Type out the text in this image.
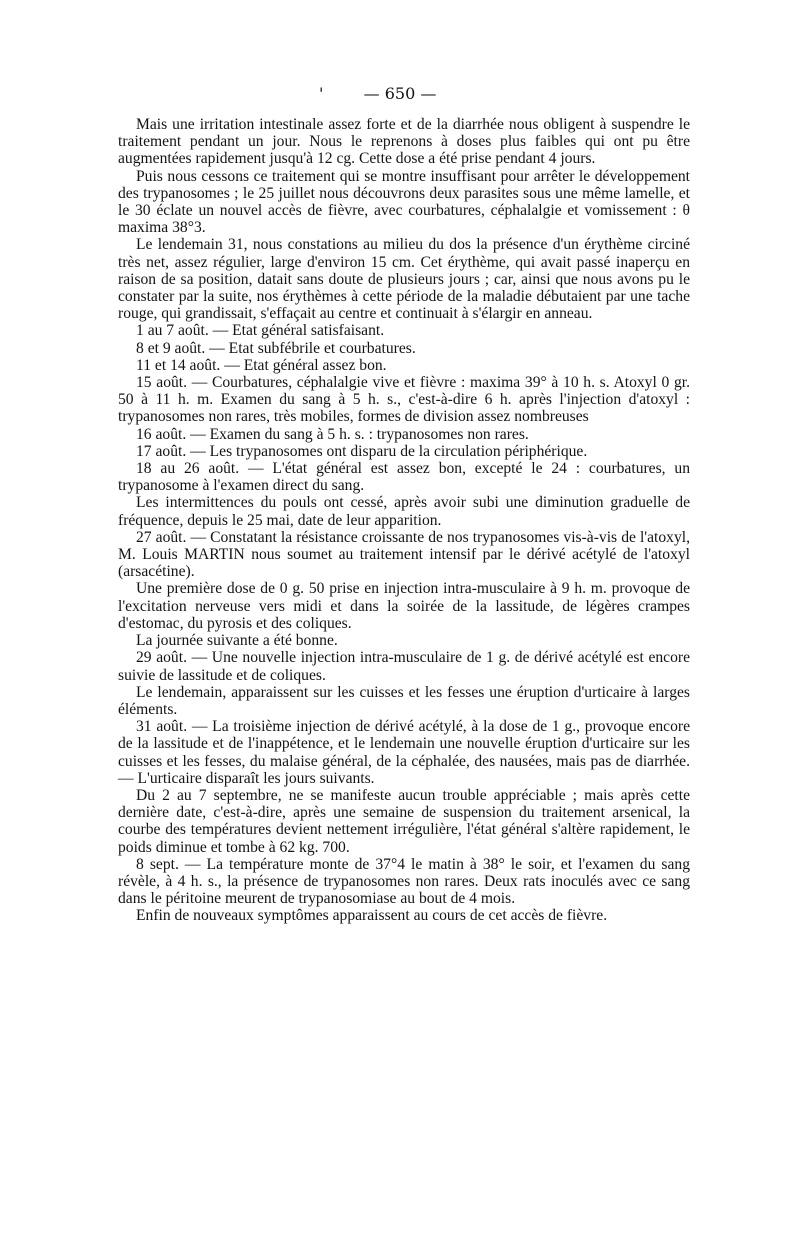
'	— 650 —

Mais une irritation intestinale assez forte et de la diarrhée nous obligent à suspendre le traitement pendant un jour. Nous le reprenons à doses plus faibles qui ont pu être augmentées rapidement jusqu'à 12 cg. Cette dose a été prise pendant 4 jours.

Puis nous cessons ce traitement qui se montre insuffisant pour arrêter le développement des trypanosomes ; le 25 juillet nous découvrons deux parasites sous une même lamelle, et le 30 éclate un nouvel accès de fièvre, avec courbatures, céphalalgie et vomissement : θ maxima 38°3.

Le lendemain 31, nous constations au milieu du dos la présence d'un érythème circiné très net, assez régulier, large d'environ 15 cm. Cet érythème, qui avait passé inaperçu en raison de sa position, datait sans doute de plusieurs jours ; car, ainsi que nous avons pu le constater par la suite, nos érythèmes à cette période de la maladie débutaient par une tache rouge, qui grandissait, s'effaçait au centre et continuait à s'élargir en anneau.

1 au 7 août. — Etat général satisfaisant.

8 et 9 août. — Etat subfébrile et courbatures.

11 et 14 août. — Etat général assez bon.

15 août. — Courbatures, céphalalgie vive et fièvre : maxima 39° à 10 h. s. Atoxyl 0 gr. 50 à 11 h. m. Examen du sang à 5 h. s., c'est-à-dire 6 h. après l'injection d'atoxyl : trypanosomes non rares, très mobiles, formes de division assez nombreuses

16 août. — Examen du sang à 5 h. s. : trypanosomes non rares.

17 août. — Les trypanosomes ont disparu de la circulation périphérique.

18 au 26 août. — L'état général est assez bon, excepté le 24 : courbatures, un trypanosome à l'examen direct du sang.

Les intermittences du pouls ont cessé, après avoir subi une diminution graduelle de fréquence, depuis le 25 mai, date de leur apparition.

27 août. — Constatant la résistance croissante de nos trypanosomes vis-à-vis de l'atoxyl, M. Louis MARTIN nous soumet au traitement intensif par le dérivé acétylé de l'atoxyl (arsacétine).

Une première dose de 0 g. 50 prise en injection intra-musculaire à 9 h. m. provoque de l'excitation nerveuse vers midi et dans la soirée de la lassitude, de légères crampes d'estomac, du pyrosis et des coliques.

La journée suivante a été bonne.

29 août. — Une nouvelle injection intra-musculaire de 1 g. de dérivé acétylé est encore suivie de lassitude et de coliques.

Le lendemain, apparaissent sur les cuisses et les fesses une éruption d'urticaire à larges éléments.

31 août. — La troisième injection de dérivé acétylé, à la dose de 1 g., provoque encore de la lassitude et de l'inappétence, et le lendemain une nouvelle éruption d'urticaire sur les cuisses et les fesses, du malaise général, de la céphalée, des nausées, mais pas de diarrhée. — L'urticaire disparaît les jours suivants.

Du 2 au 7 septembre, ne se manifeste aucun trouble appréciable ; mais après cette dernière date, c'est-à-dire, après une semaine de suspension du traitement arsenical, la courbe des températures devient nettement irrégulière, l'état général s'altère rapidement, le poids diminue et tombe à 62 kg. 700.

8 sept. — La température monte de 37°4 le matin à 38° le soir, et l'examen du sang révèle, à 4 h. s., la présence de trypanosomes non rares. Deux rats inoculés avec ce sang dans le péritoine meurent de trypanosomiase au bout de 4 mois.

Enfin de nouveaux symptômes apparaissent au cours de cet accès de fièvre.
